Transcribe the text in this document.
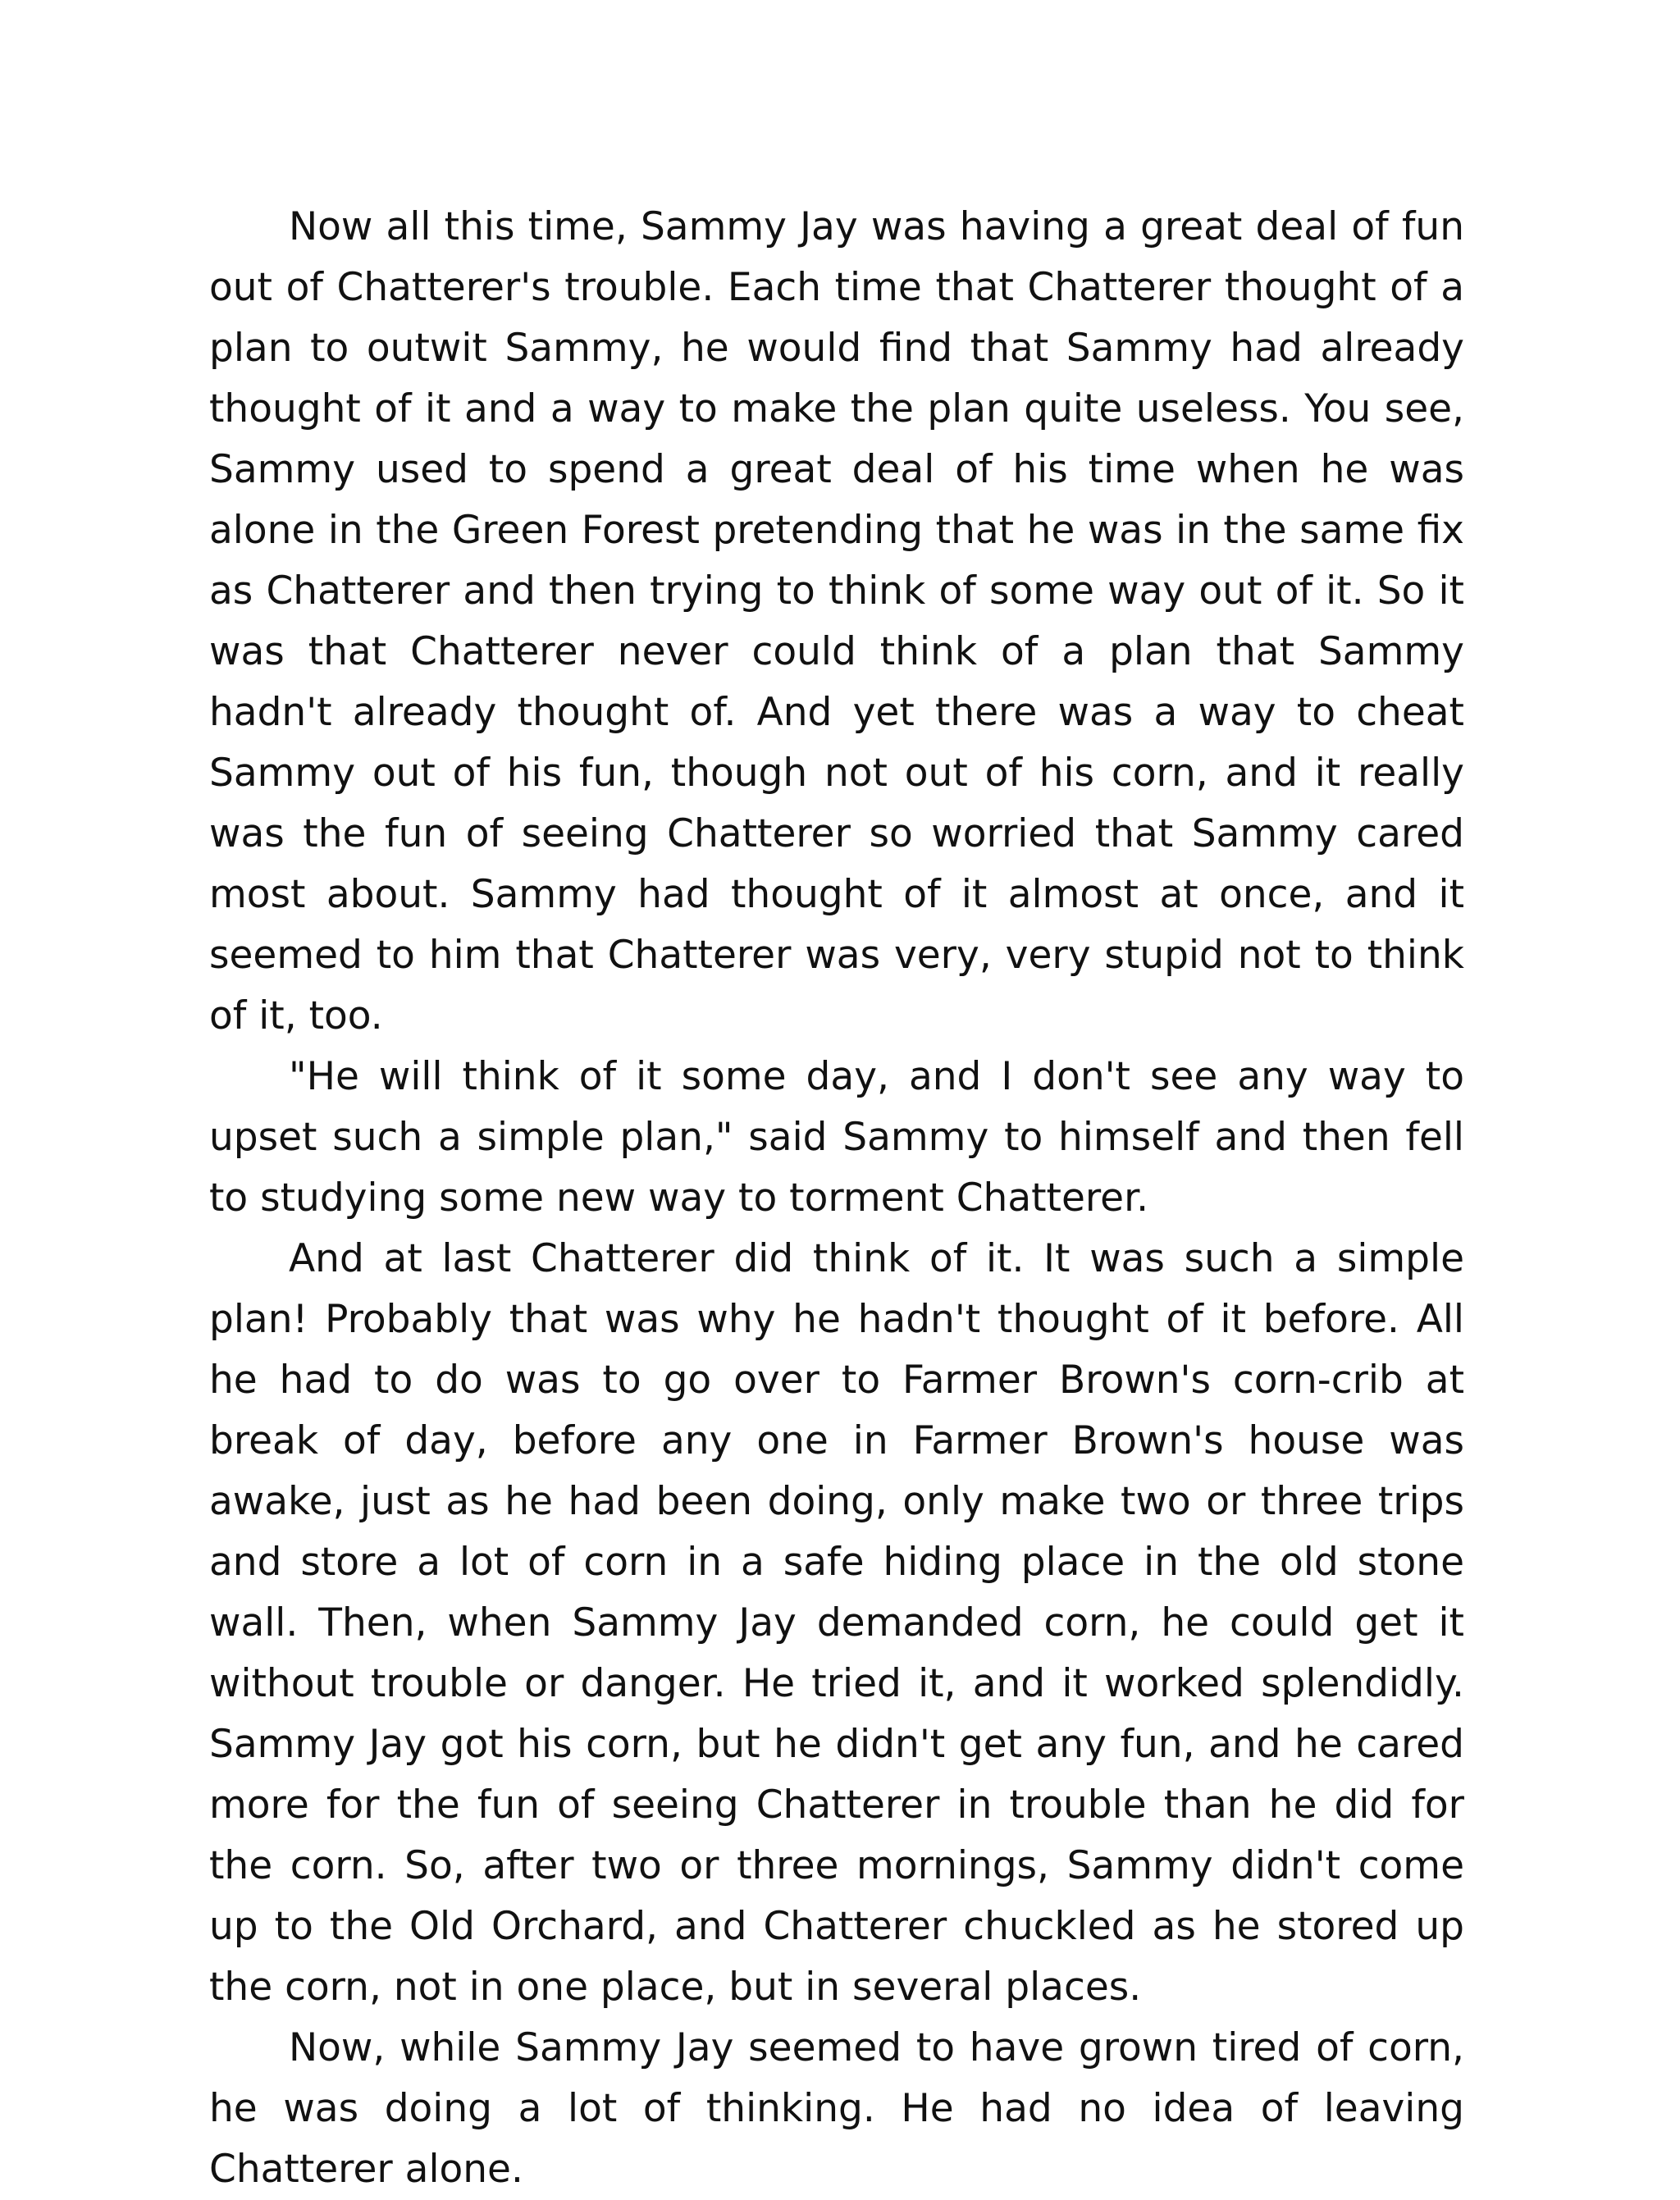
Now all this time, Sammy Jay was having a great deal of fun out of Chatterer's trouble. Each time that Chatterer thought of a plan to outwit Sammy, he would find that Sammy had already thought of it and a way to make the plan quite useless. You see, Sammy used to spend a great deal of his time when he was alone in the Green Forest pretending that he was in the same fix as Chatterer and then trying to think of some way out of it. So it was that Chatterer never could think of a plan that Sammy hadn't already thought of. And yet there was a way to cheat Sammy out of his fun, though not out of his corn, and it really was the fun of seeing Chatterer so worried that Sammy cared most about. Sammy had thought of it almost at once, and it seemed to him that Chatterer was very, very stupid not to think of it, too.

"He will think of it some day, and I don't see any way to upset such a simple plan," said Sammy to himself and then fell to studying some new way to torment Chatterer.

And at last Chatterer did think of it. It was such a simple plan! Probably that was why he hadn't thought of it before. All he had to do was to go over to Farmer Brown's corn-crib at break of day, before any one in Farmer Brown's house was awake, just as he had been doing, only make two or three trips and store a lot of corn in a safe hiding place in the old stone wall. Then, when Sammy Jay demanded corn, he could get it without trouble or danger. He tried it, and it worked splendidly. Sammy Jay got his corn, but he didn't get any fun, and he cared more for the fun of seeing Chatterer in trouble than he did for the corn. So, after two or three mornings, Sammy didn't come up to the Old Orchard, and Chatterer chuckled as he stored up the corn, not in one place, but in several places.

Now, while Sammy Jay seemed to have grown tired of corn, he was doing a lot of thinking. He had no idea of leaving Chatterer alone.
